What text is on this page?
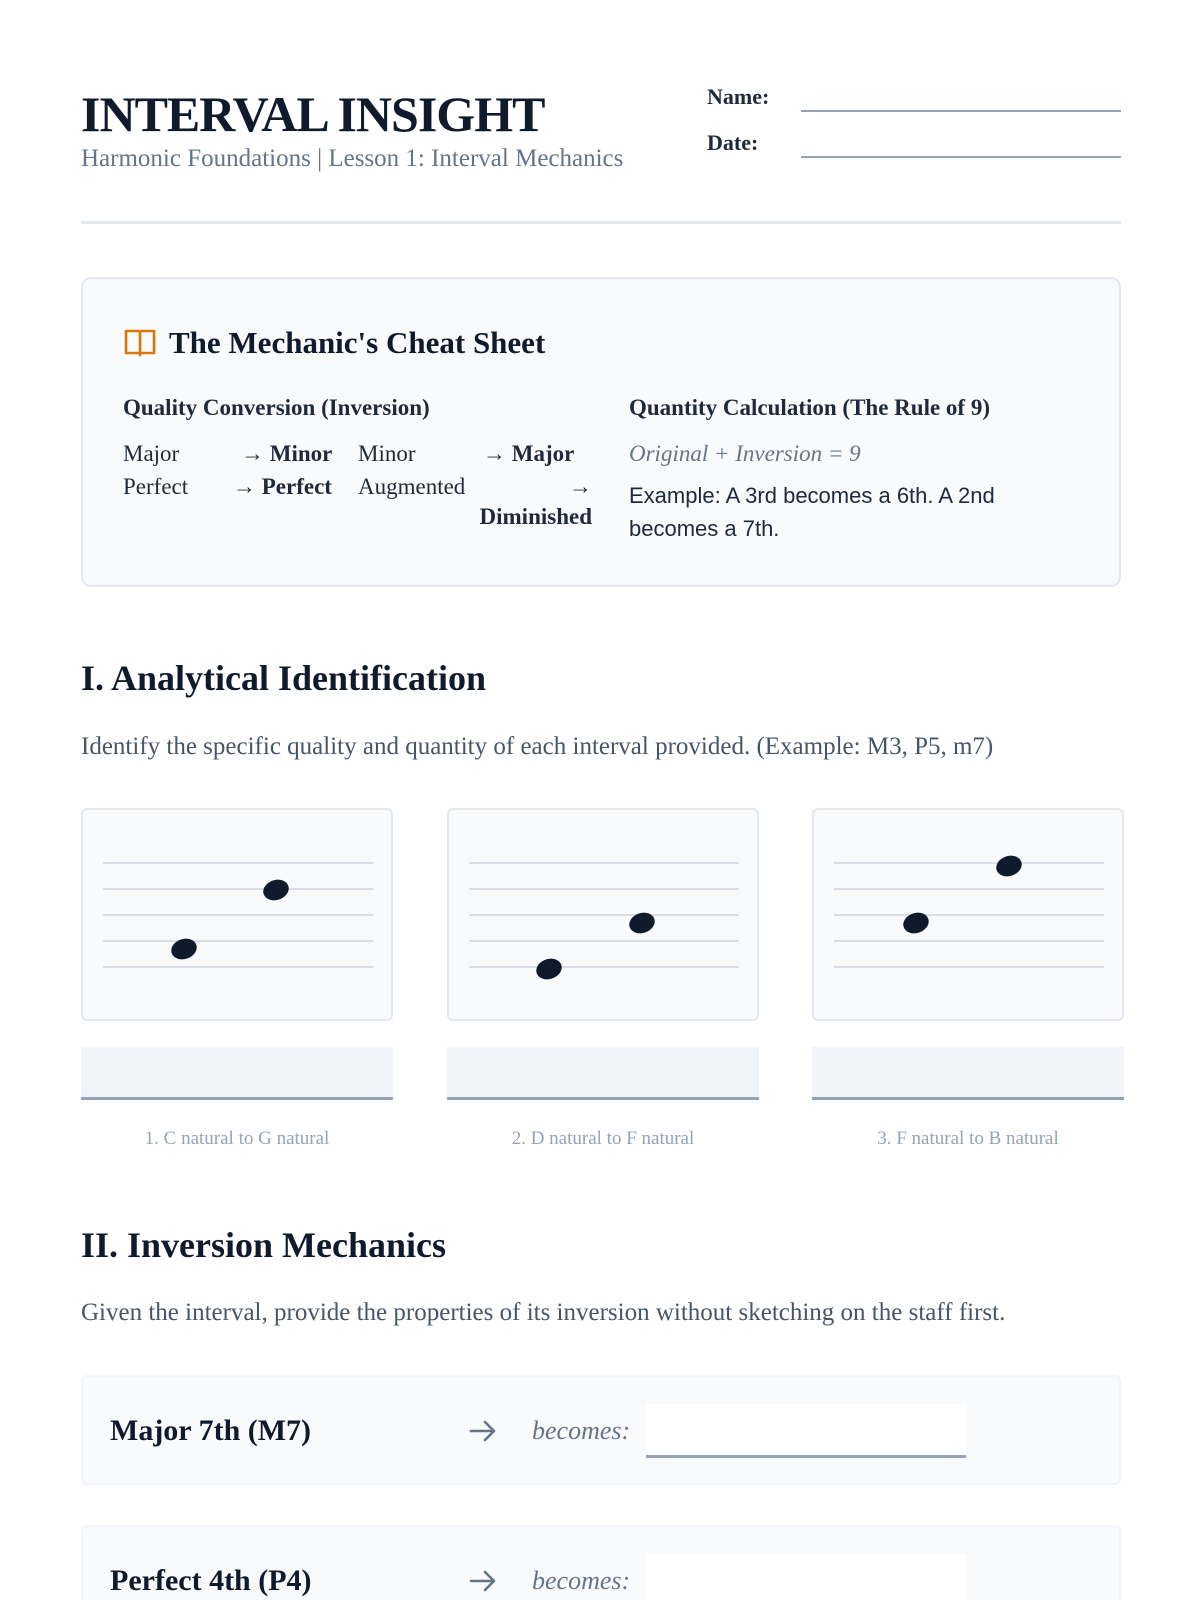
INTERVAL INSIGHT
Harmonic Foundations | Lesson 1: Interval Mechanics
Name:
Date:
The Mechanic's Cheat Sheet
Quality Conversion (Inversion)
Major	→ Minor Minor	→ Major
Perfect → Perfect Augmented	→ Diminished
Quantity Calculation (The Rule of 9)
Original + Inversion = 9
Example: A 3rd becomes a 6th. A 2nd becomes a 7th.
I. Analytical Identification
Identify the specific quality and quantity of each interval provided. (Example: M3, P5, m7)
1. C natural to G natural	2. D natural to F natural	3. F natural to B natural
II. Inversion Mechanics
Given the interval, provide the properties of its inversion without sketching on the staff first.
Major 7th (M7)	becomes:
Perfect 4th (P4)	becomes:
